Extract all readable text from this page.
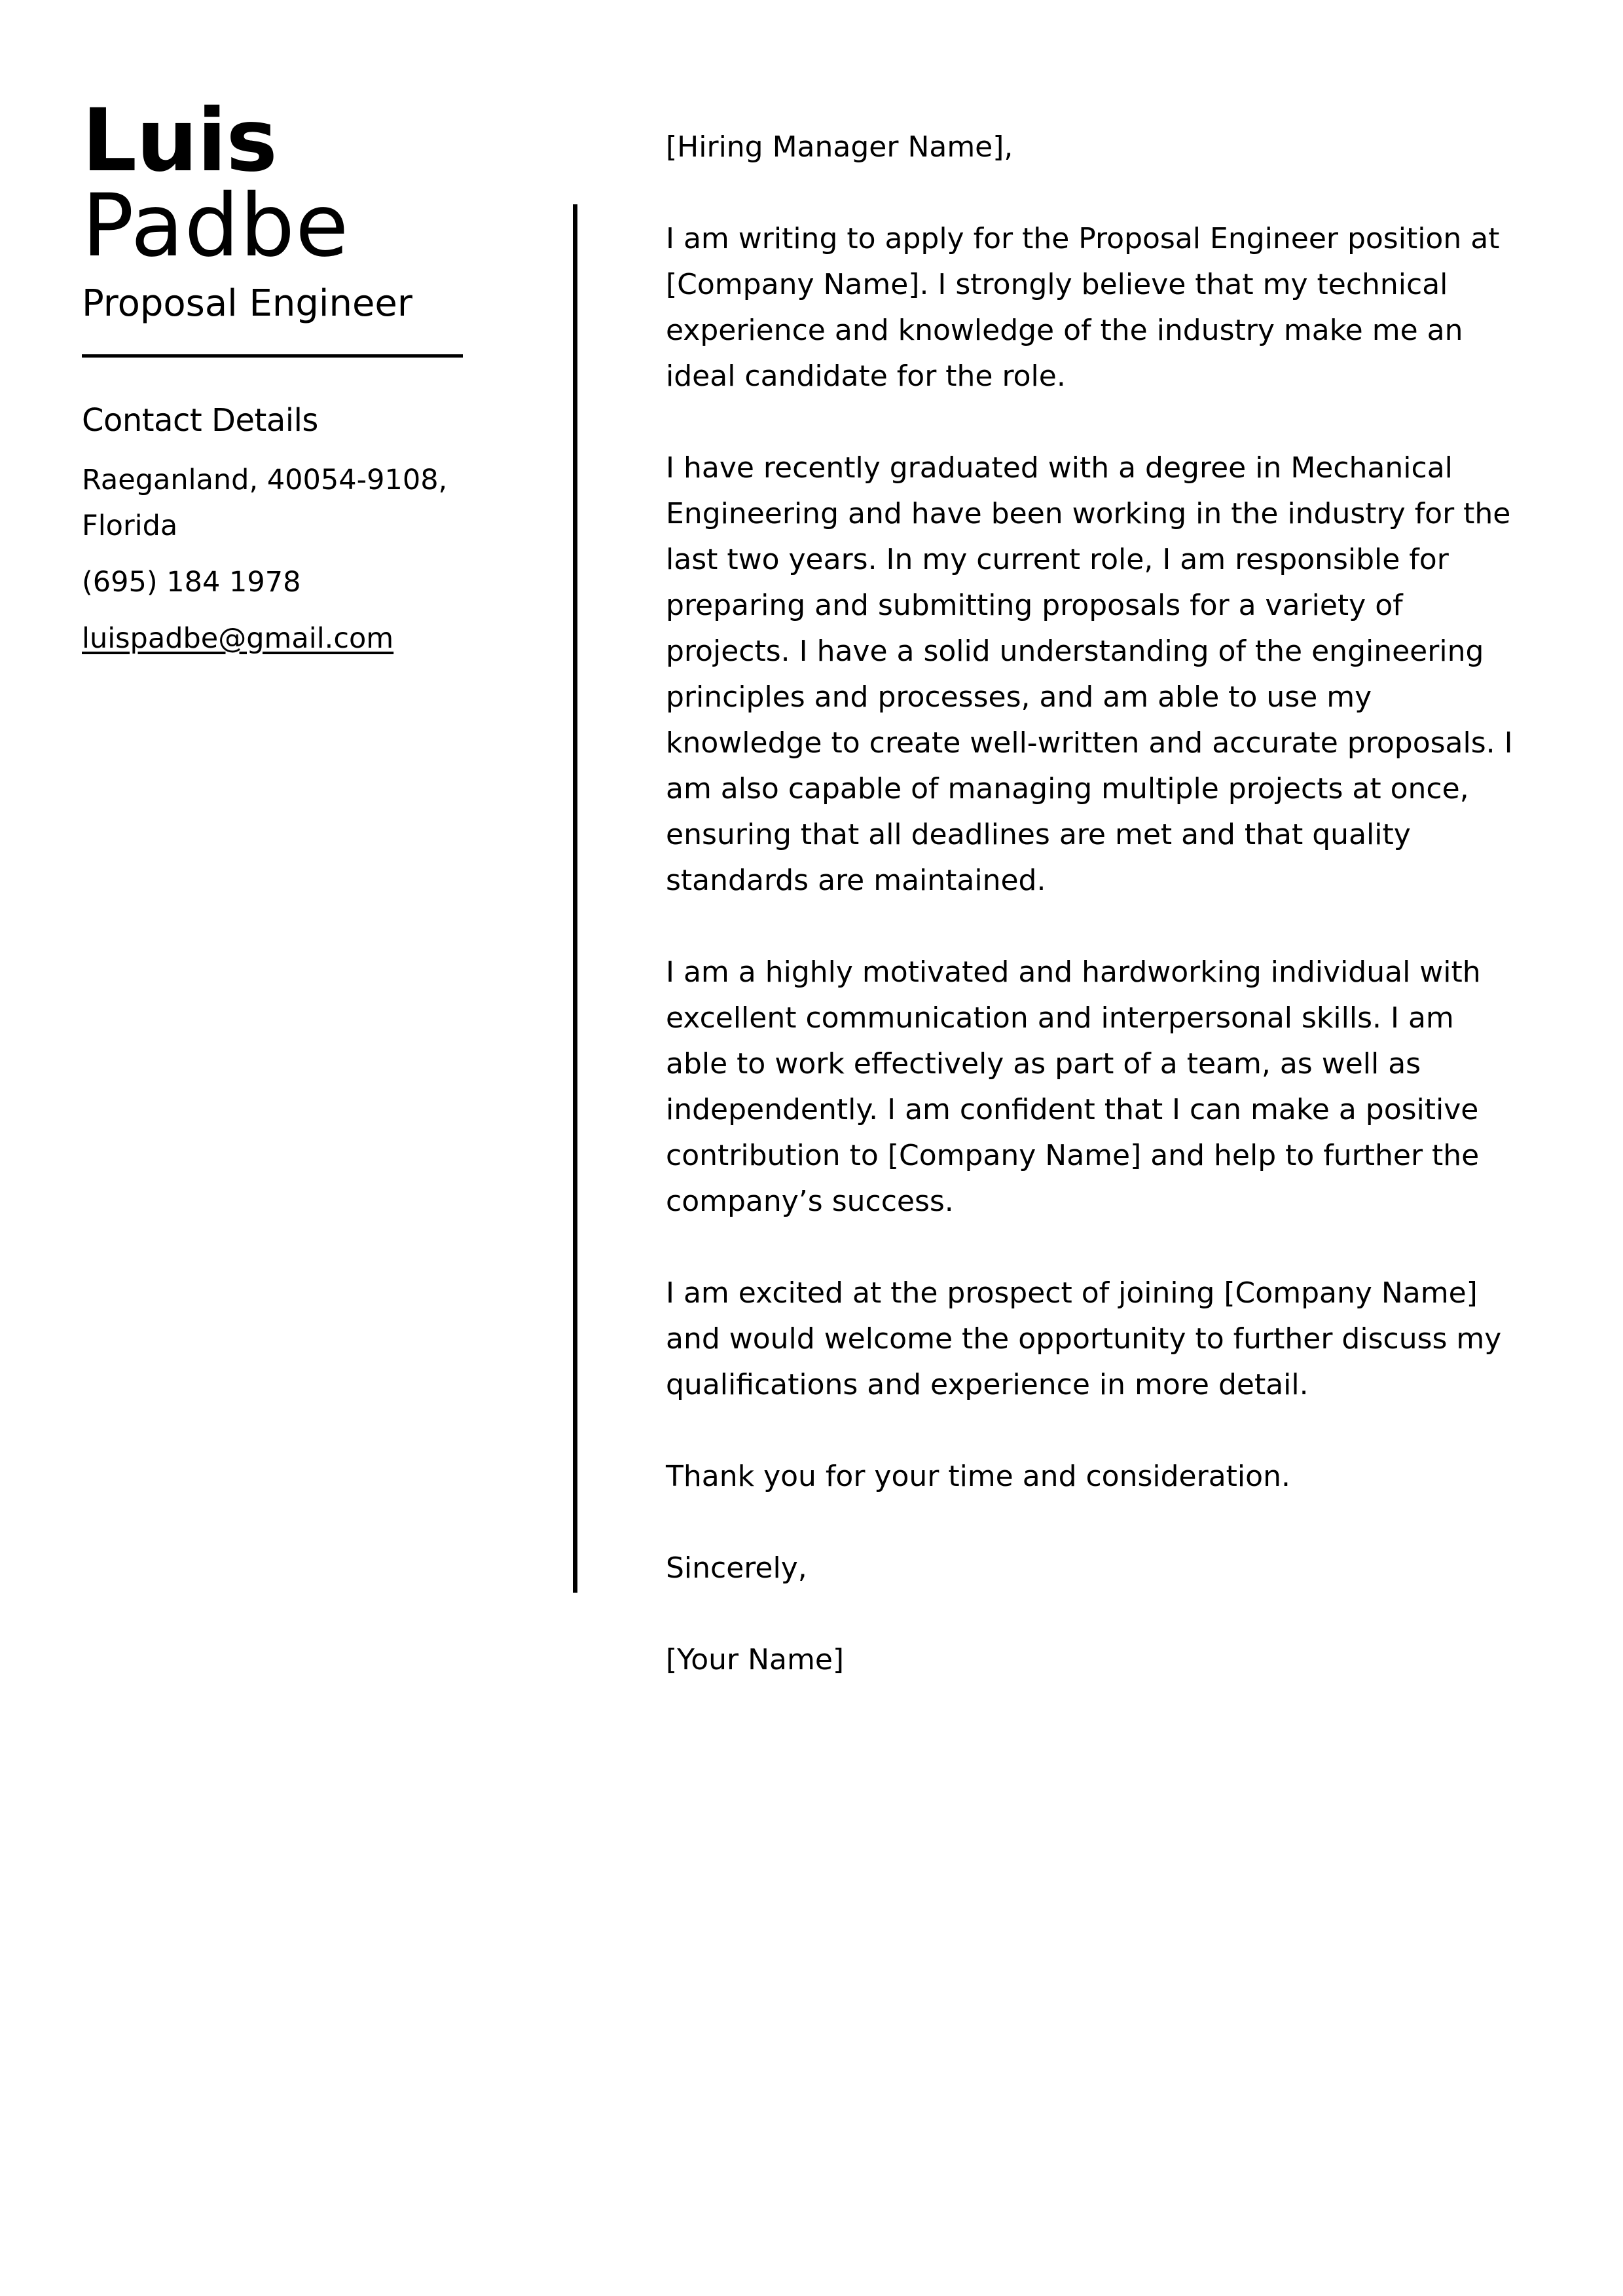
Luis
Padbe
Proposal Engineer
Contact Details
Raeganland, 40054-9108, Florida
(695) 184 1978
luispadbe@gmail.com

[Hiring Manager Name],

I am writing to apply for the Proposal Engineer position at [Company Name]. I strongly believe that my technical experience and knowledge of the industry make me an ideal candidate for the role.

I have recently graduated with a degree in Mechanical Engineering and have been working in the industry for the last two years. In my current role, I am responsible for preparing and submitting proposals for a variety of projects. I have a solid understanding of the engineering principles and processes, and am able to use my knowledge to create well-written and accurate proposals. I am also capable of managing multiple projects at once, ensuring that all deadlines are met and that quality standards are maintained.

I am a highly motivated and hardworking individual with excellent communication and interpersonal skills. I am able to work effectively as part of a team, as well as independently. I am confident that I can make a positive contribution to [Company Name] and help to further the company’s success.

I am excited at the prospect of joining [Company Name] and would welcome the opportunity to further discuss my qualifications and experience in more detail.

Thank you for your time and consideration.

Sincerely,

[Your Name]
